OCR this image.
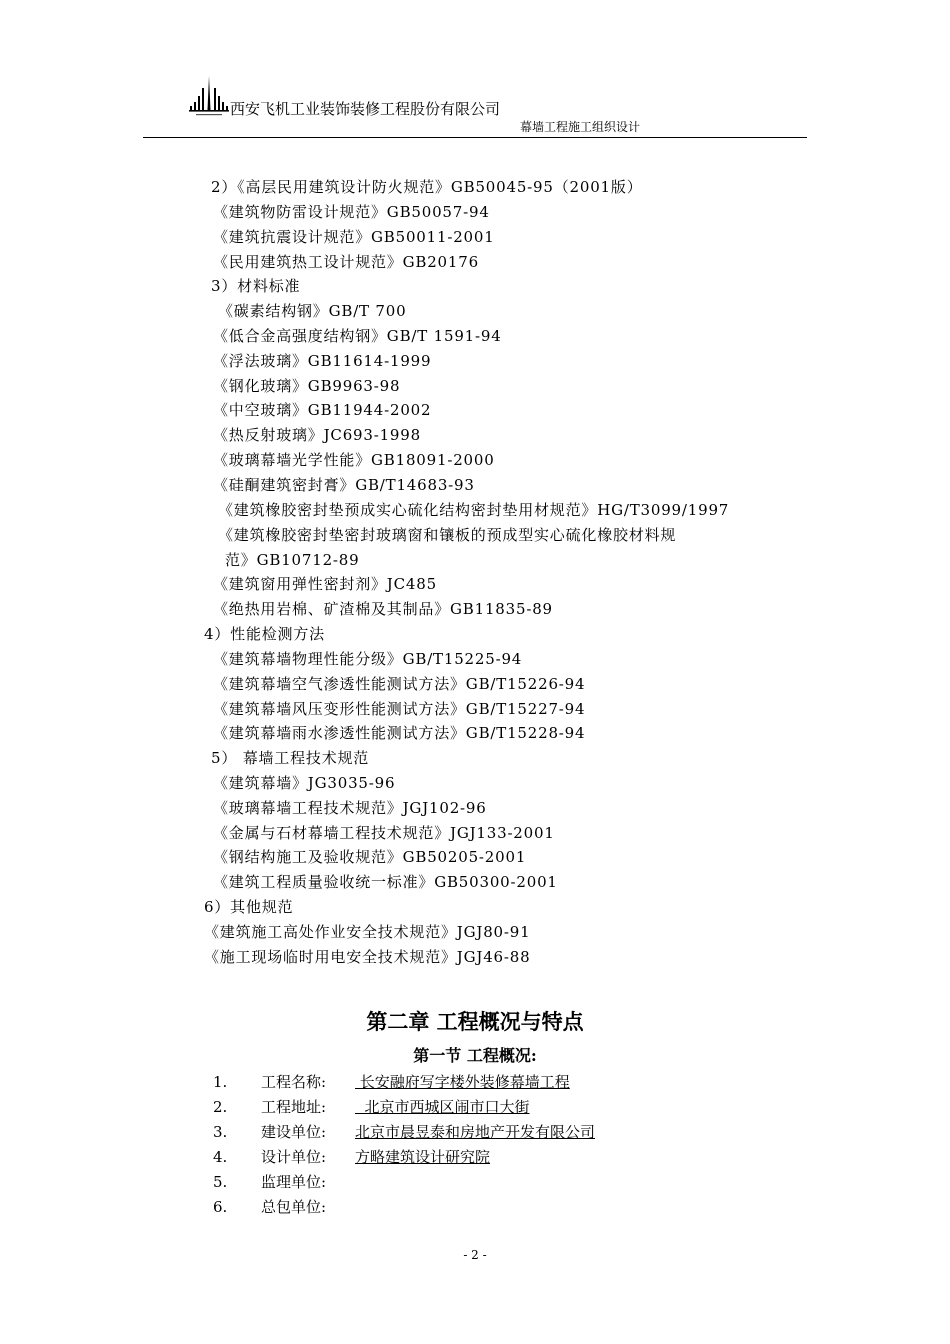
西安飞机工业装饰装修工程股份有限公司
幕墙工程施工组织设计
2）《高层民用建筑设计防火规范》GB50045-95（2001版）
《建筑物防雷设计规范》GB50057-94
《建筑抗震设计规范》GB50011-2001
《民用建筑热工设计规范》GB20176
3）材料标准
《碳素结构钢》GB/T 700
《低合金高强度结构钢》GB/T 1591-94
《浮法玻璃》GB11614-1999
《钢化玻璃》GB9963-98
《中空玻璃》GB11944-2002
《热反射玻璃》JC693-1998
《玻璃幕墙光学性能》GB18091-2000
《硅酮建筑密封膏》GB/T14683-93
《建筑橡胶密封垫预成实心硫化结构密封垫用材规范》HG/T3099/1997
《建筑橡胶密封垫密封玻璃窗和镶板的预成型实心硫化橡胶材料规
范》GB10712-89
《建筑窗用弹性密封剂》JC485
《绝热用岩棉、矿渣棉及其制品》GB11835-89
4）性能检测方法
《建筑幕墙物理性能分级》GB/T15225-94
《建筑幕墙空气渗透性能测试方法》GB/T15226-94
《建筑幕墙风压变形性能测试方法》GB/T15227-94
《建筑幕墙雨水渗透性能测试方法》GB/T15228-94
5） 幕墙工程技术规范
《建筑幕墙》JG3035-96
《玻璃幕墙工程技术规范》JGJ102-96
《金属与石材幕墙工程技术规范》JGJ133-2001
《钢结构施工及验收规范》GB50205-2001
《建筑工程质量验收统一标准》GB50300-2001
6）其他规范
《建筑施工高处作业安全技术规范》JGJ80-91
《施工现场临时用电安全技术规范》JGJ46-88
第二章 工程概况与特点
第一节 工程概况:
1. 工程名称: 长安融府写字楼外装修幕墙工程
2. 工程地址:  北京市西城区闹市口大街
3. 建设单位: 北京市晨昱泰和房地产开发有限公司
4. 设计单位: 方略建筑设计研究院
5. 监理单位:
6. 总包单位:
- 2 -
